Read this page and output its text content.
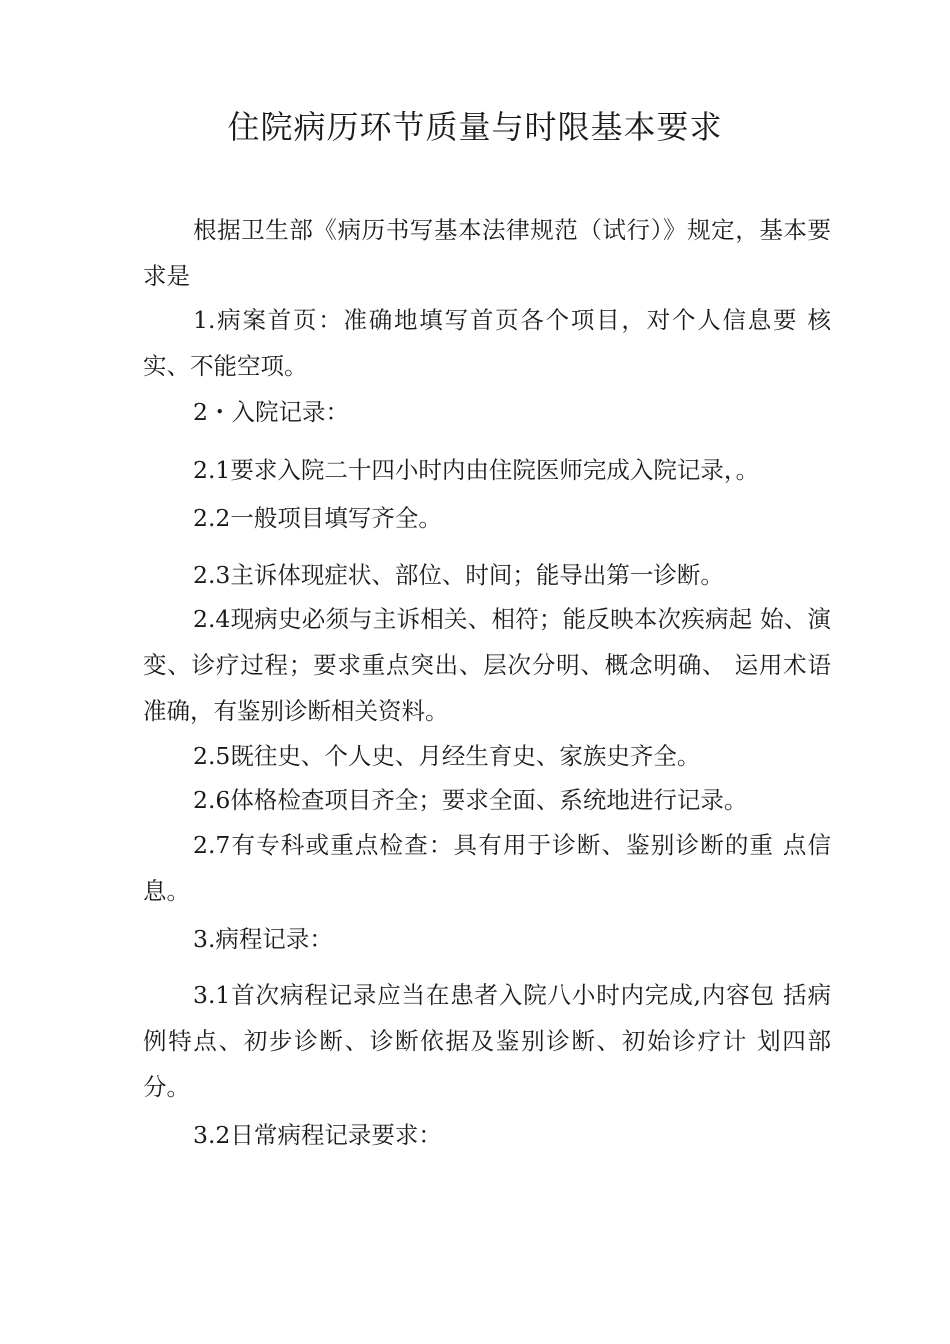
住院病历环节质量与时限基本要求

根据卫生部《病历书写基本法律规范（试行）》规定，基本要求是

1.病案首页：准确地填写首页各个项目，对个人信息要 核实、不能空项。

2・入院记录：

2.1要求入院二十四小时内由住院医师完成入院记录，。

2.2一般项目填写齐全。

2.3主诉体现症状、部位、时间；能导出第一诊断。

2.4现病史必须与主诉相关、相符；能反映本次疾病起 始、演变、诊疗过程；要求重点突出、层次分明、概念明确、 运用术语准确，有鉴别诊断相关资料。

2.5既往史、个人史、月经生育史、家族史齐全。

2.6体格检查项目齐全；要求全面、系统地进行记录。

2.7有专科或重点检查：具有用于诊断、鉴别诊断的重 点信息。

3.病程记录：

3.1首次病程记录应当在患者入院八小时内完成,内容包 括病例特点、初步诊断、诊断依据及鉴别诊断、初始诊疗计 划四部分。

3.2日常病程记录要求：
